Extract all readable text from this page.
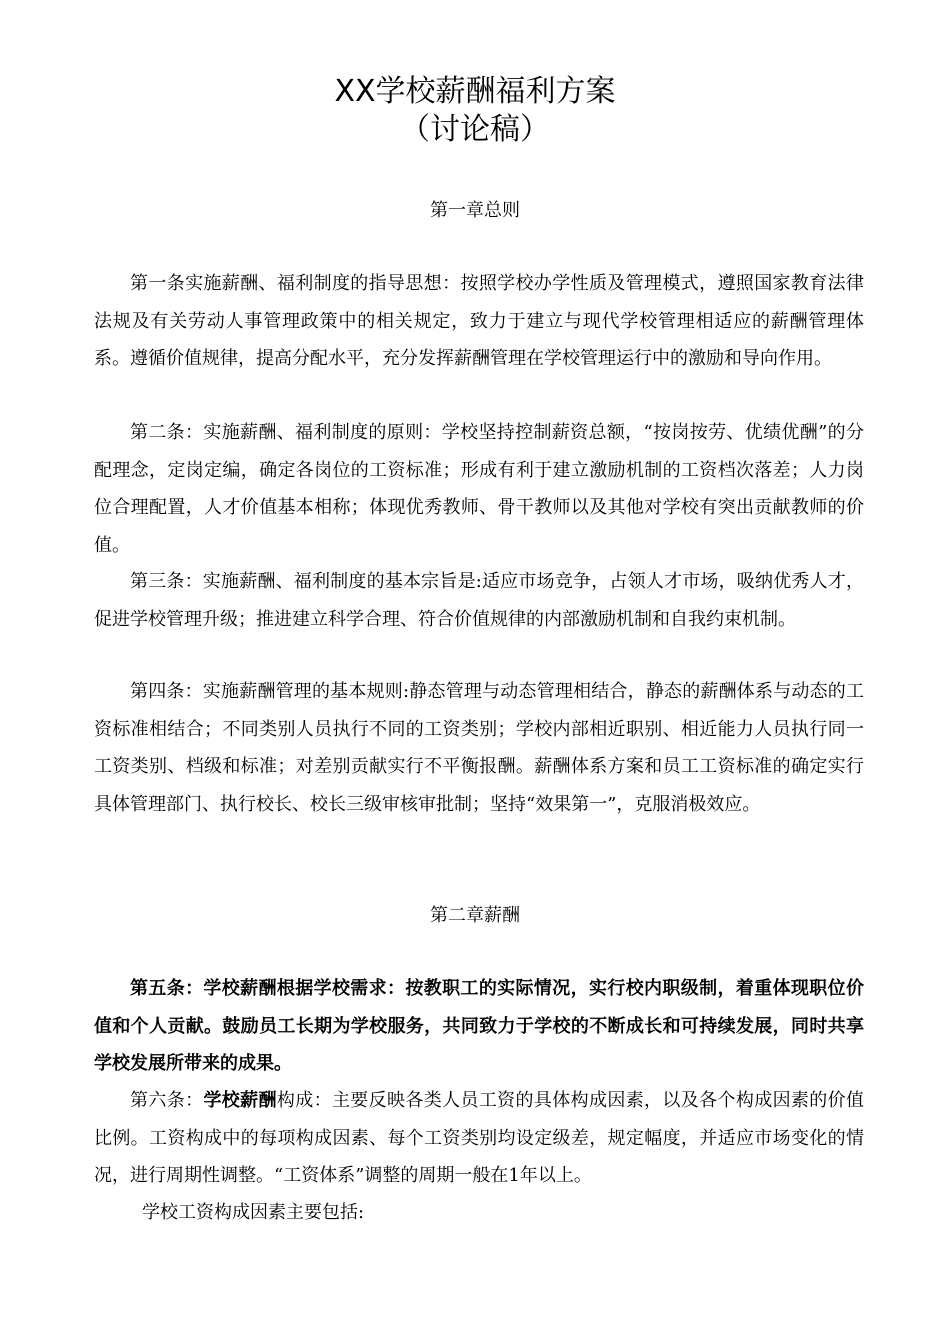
XX学校薪酬福利方案
（讨论稿）
第一章总则

第一条实施薪酬、福利制度的指导思想：按照学校办学性质及管理模式，遵照国家教育法律法规及有关劳动人事管理政策中的相关规定，致力于建立与现代学校管理相适应的薪酬管理体系。遵循价值规律，提高分配水平，充分发挥薪酬管理在学校管理运行中的激励和导向作用。

第二条：实施薪酬、福利制度的原则：学校坚持控制薪资总额，“按岗按劳、优绩优酬”的分配理念，定岗定编，确定各岗位的工资标准；形成有利于建立激励机制的工资档次落差；人力岗位合理配置，人才价值基本相称；体现优秀教师、骨干教师以及其他对学校有突出贡献教师的价值。

第三条：实施薪酬、福利制度的基本宗旨是:适应市场竞争，占领人才市场，吸纳优秀人才，促进学校管理升级；推进建立科学合理、符合价值规律的内部激励机制和自我约束机制。

第四条：实施薪酬管理的基本规则:静态管理与动态管理相结合，静态的薪酬体系与动态的工资标准相结合；不同类别人员执行不同的工资类别；学校内部相近职别、相近能力人员执行同一工资类别、档级和标准；对差别贡献实行不平衡报酬。薪酬体系方案和员工工资标准的确定实行具体管理部门、执行校长、校长三级审核审批制；坚持“效果第一”，克服消极效应。

第二章薪酬

第五条：学校薪酬根据学校需求：按教职工的实际情况，实行校内职级制，着重体现职位价值和个人贡献。鼓励员工长期为学校服务，共同致力于学校的不断成长和可持续发展，同时共享学校发展所带来的成果。

第六条：学校薪酬构成：主要反映各类人员工资的具体构成因素，以及各个构成因素的价值比例。工资构成中的每项构成因素、每个工资类别均设定级差，规定幅度，并适应市场变化的情况，进行周期性调整。“工资体系”调整的周期一般在1年以上。

学校工资构成因素主要包括:
